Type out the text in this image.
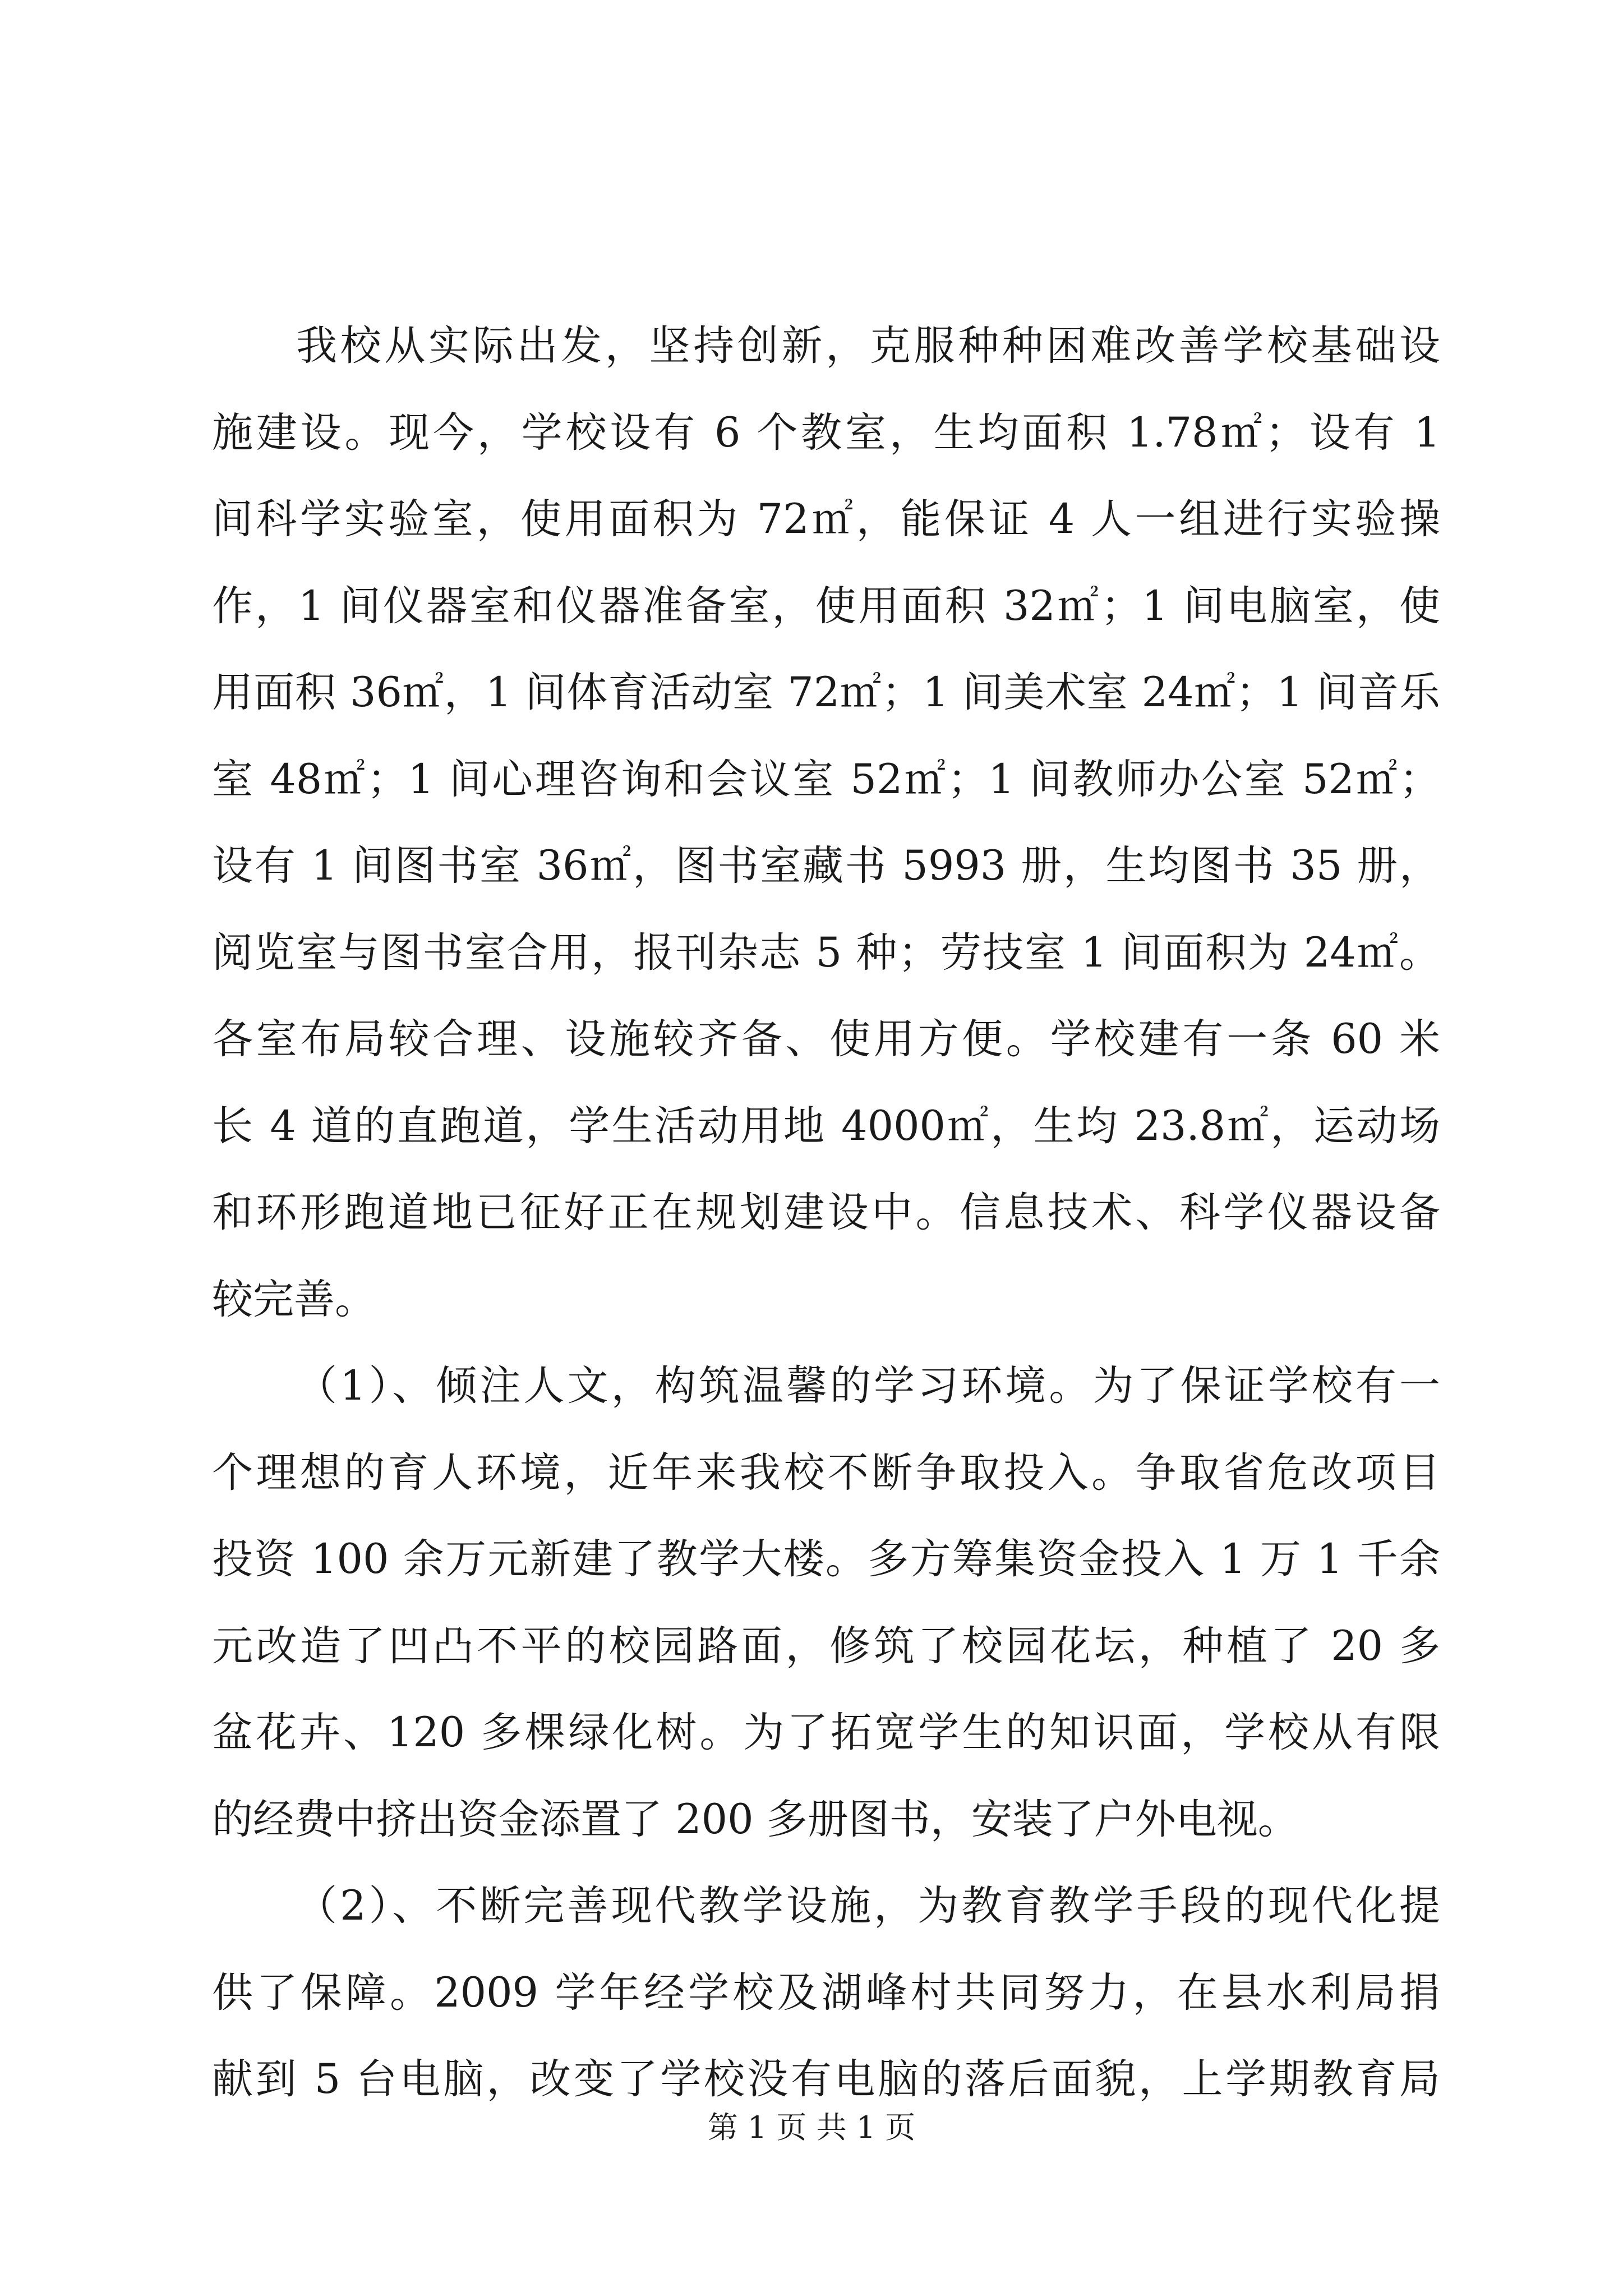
我校从实际出发，坚持创新，克服种种困难改善学校基础设
施建设。现今，学校设有 6 个教室，生均面积 1.78㎡；设有 1
间科学实验室，使用面积为 72㎡，能保证 4 人一组进行实验操
作，1 间仪器室和仪器准备室，使用面积 32㎡；1 间电脑室，使
用面积 36㎡，1 间体育活动室 72㎡；1 间美术室 24㎡；1 间音乐
室 48㎡；1 间心理咨询和会议室 52㎡；1 间教师办公室 52㎡；
设有 1 间图书室 36㎡，图书室藏书 5993 册，生均图书 35 册，
阅览室与图书室合用，报刊杂志 5 种；劳技室 1 间面积为 24㎡。
各室布局较合理、设施较齐备、使用方便。学校建有一条 60 米
长 4 道的直跑道，学生活动用地 4000㎡，生均 23.8㎡，运动场
和环形跑道地已征好正在规划建设中。信息技术、科学仪器设备
较完善。
（1）、倾注人文，构筑温馨的学习环境。为了保证学校有一
个理想的育人环境，近年来我校不断争取投入。争取省危改项目
投资 100 余万元新建了教学大楼。多方筹集资金投入 1 万 1 千余
元改造了凹凸不平的校园路面，修筑了校园花坛，种植了 20 多
盆花卉、120 多棵绿化树。为了拓宽学生的知识面，学校从有限
的经费中挤出资金添置了 200 多册图书，安装了户外电视。
（2）、不断完善现代教学设施，为教育教学手段的现代化提
供了保障。2009 学年经学校及湖峰村共同努力，在县水利局捐
献到 5 台电脑，改变了学校没有电脑的落后面貌，上学期教育局
第 1 页 共 1 页
